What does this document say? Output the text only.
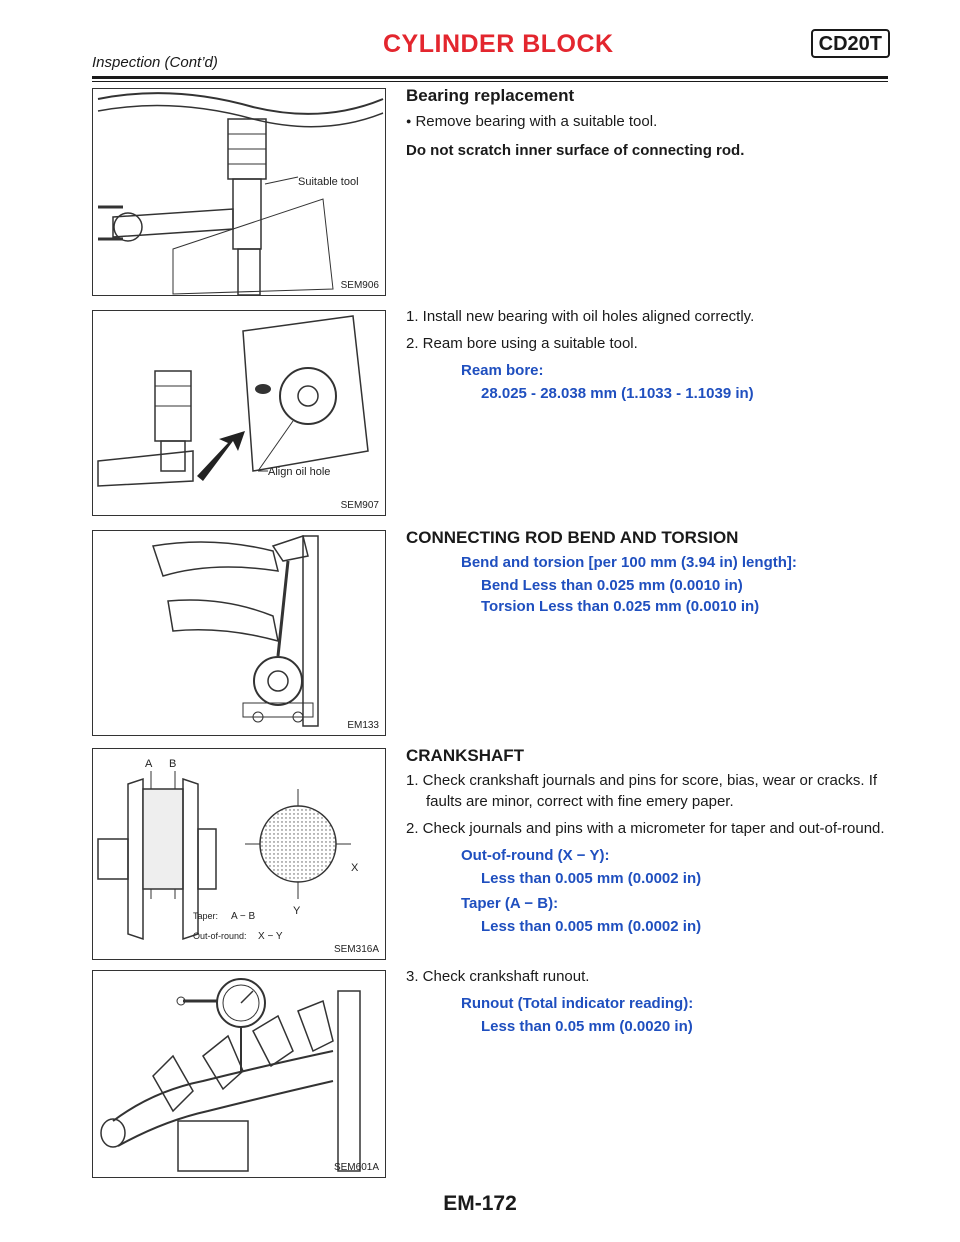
CYLINDER BLOCK	CD20T
Inspection (Cont’d)
Suitable tool
SEM906
Align oil hole
SEM907
EM133
A B
X
Y
Taper: A − B
Out-of-round: X − Y
SEM316A
SEM601A

Bearing replacement

● Remove bearing with a suitable tool.

Do not scratch inner surface of connecting rod.

1. Install new bearing with oil holes aligned correctly.

2. Ream bore using a suitable tool.

Ream bore:

28.025 - 28.038 mm (1.1033 - 1.1039 in)

CONNECTING ROD BEND AND TORSION

Bend and torsion [per 100 mm (3.94 in) length]:

Bend Less than 0.025 mm (0.0010 in)

Torsion Less than 0.025 mm (0.0010 in)

CRANKSHAFT

1. Check crankshaft journals and pins for score, bias, wear or cracks. If faults are minor, correct with fine emery paper.

2. Check journals and pins with a micrometer for taper and out-of-round.

Out-of-round (X − Y):

Less than 0.005 mm (0.0002 in)

Taper (A − B):

Less than 0.005 mm (0.0002 in)

3. Check crankshaft runout.

Runout (Total indicator reading):

Less than 0.05 mm (0.0020 in)

EM-172
